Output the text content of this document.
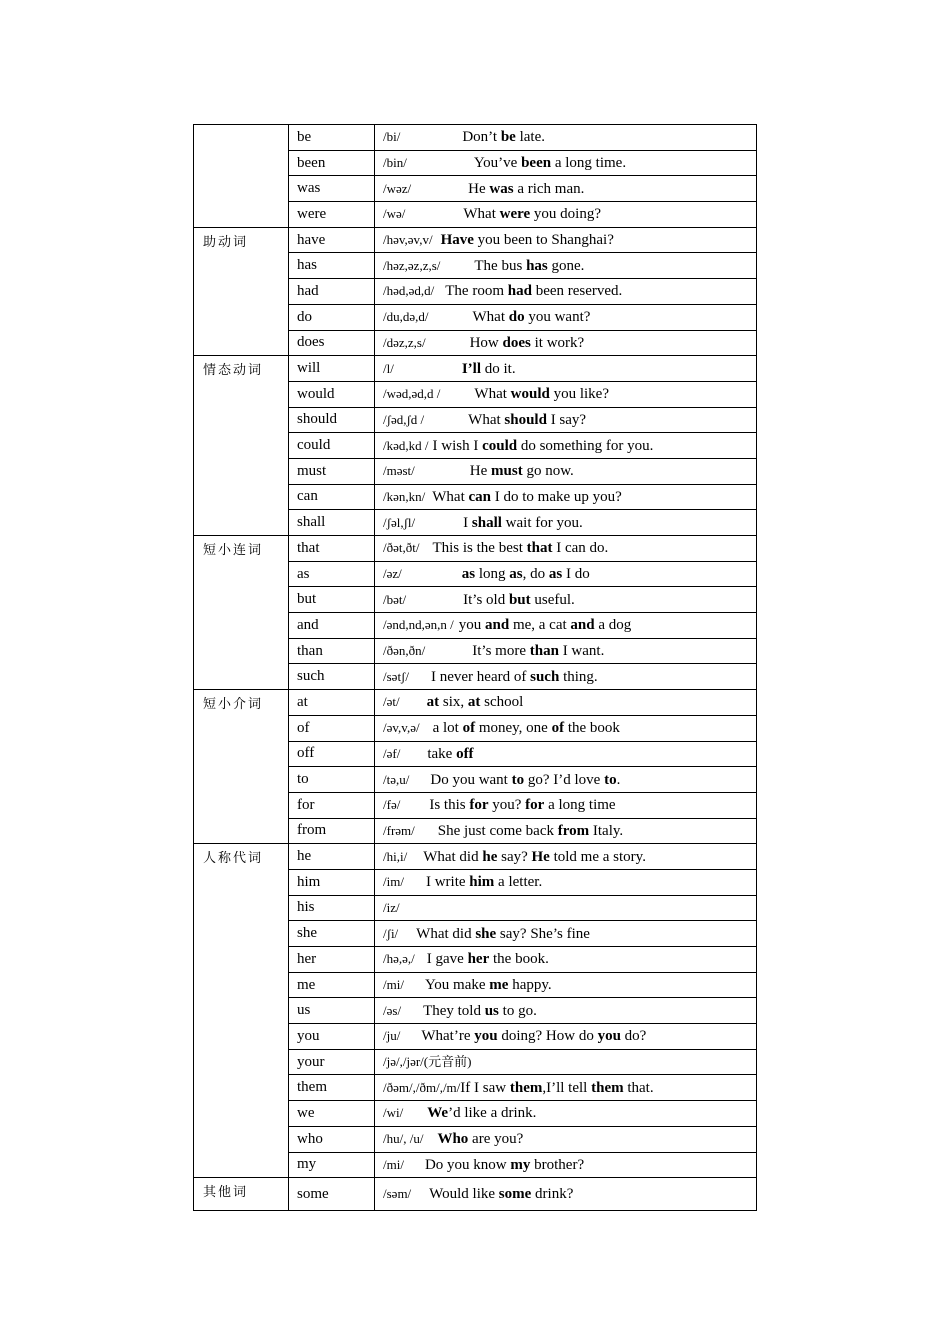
	be	/bi/ Don’t be late.
	been	/bin/ You’ve been a long time.
	was	/wəz/ He was a rich man.
	were	/wə/ What were you doing?
助动词	have	/həv,əv,v/ Have you been to Shanghai?
	has	/həz,əz,z,s/ The bus has gone.
	had	/həd,əd,d/ The room had been reserved.
	do	/du,də,d/ What do you want?
	does	/dəz,z,s/ How does it work?
情态动词	will	/l/ I’ll do it.
	would	/wəd,əd,d / What would you like?
	should	/ʃəd,ʃd / What should I say?
	could	/kəd,kd / I wish I could do something for you.
	must	/məst/ He must go now.
	can	/kən,kn/ What can I do to make up you?
	shall	/ʃəl,ʃl/ I shall wait for you.
短小连词	that	/ðət,ðt/ This is the best that I can do.
	as	/əz/ as long as, do as I do
	but	/bət/ It’s old but useful.
	and	/ənd,nd,ən,n / you and me, a cat and a dog
	than	/ðən,ðn/ It’s more than I want.
	such	/sətʃ/ I never heard of such thing.
短小介词	at	/ət/ at six, at school
	of	/əv,v,ə/ a lot of money, one of the book
	off	/əf/ take off
	to	/tə,u/ Do you want to go? I’d love to.
	for	/fə/ Is this for you? for a long time
	from	/frəm/ She just come back from Italy.
人称代词	he	/hi,i/ What did he say? He told me a story.
	him	/im/ I write him a letter.
	his	/iz/
	she	/ʃi/ What did she say? She’s fine
	her	/hə,ə,/ I gave her the book.
	me	/mi/ You make me happy.
	us	/əs/ They told us to go.
	you	/ju/ What’re you doing? How do you do?
	your	/jə/,/jər/(元音前)
	them	/ðəm/,/ðm/,/m/If I saw them,I’ll tell them that.
	we	/wi/ We’d like a drink.
	who	/hu/, /u/ Who are you?
	my	/mi/ Do you know my brother?
其他词	some	/səm/ Would like some drink?
